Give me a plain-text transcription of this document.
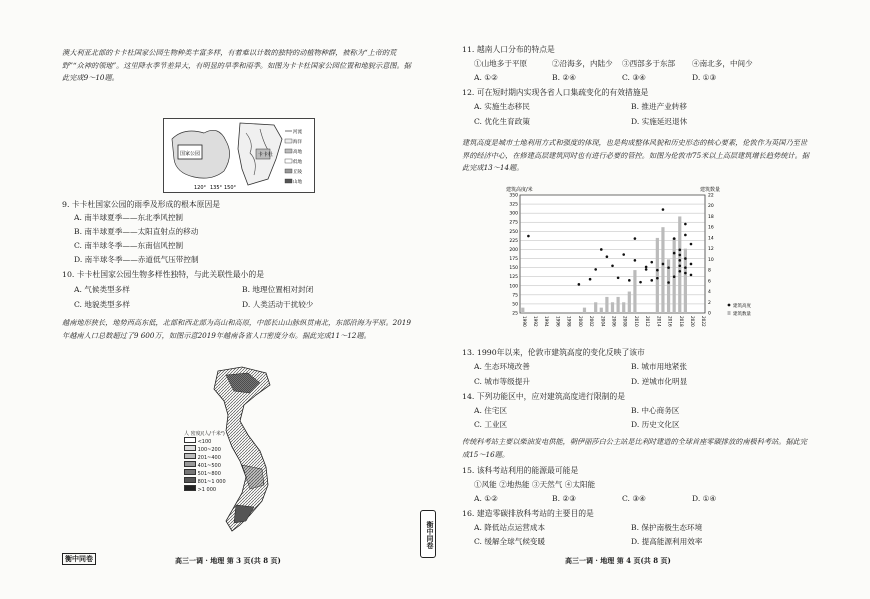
澳大利亚北部的卡卡杜国家公园生物种类丰富多样，有着难以计数的独特的动植物种群，被称为“上帝的荒野”“众神的领地”。这里降水季节差异大，有明显的旱季和雨季。如图为卡卡杜国家公园位置和地貌示意图。据此完成9～10题。
国家公园
120° 135° 150°
卡卡杜
河流
海洋
高地
低地
丘陵
山地
9. 卡卡杜国家公园的雨季及形成的根本原因是
A. 南半球夏季——东北季风控制
B. 南半球夏季——太阳直射点的移动
C. 南半球冬季——东南信风控制
D. 南半球冬季——赤道低气压带控制
10. 卡卡杜国家公园生物多样性独特，与此关联性最小的是
A. 气候类型多样	B. 地理位置相对封闭
C. 地貌类型多样	D. 人类活动干扰较少
越南地形狭长，地势西高东低，北部和西北部为高山和高原，中部长山山脉纵贯南北，东部沿海为平原。2019年越南人口总数超过了9 600万，如图示意2019年越南各省人口密度分布。据此完成11～12题。
人 密度/(人/千米²)
<100
100~200
201~400
401~500
501~800
801~1 000
>1 000
衡中同卷	高三一调 · 地理 第 3 页(共 8 页)
衡中同卷
11. 越南人口分布的特点是
①山地多于平原	②沿海多，内陆少 ③西部多于东部 ④南北多，中间少
A. ①②	B. ②④	C. ③④	D. ①③
12. 可在短时期内实现各省人口集疏变化的有效措施是
A. 实施生态移民	B. 推进产业转移
C. 优化生育政策	D. 实施延迟退休
建筑高度是城市土地利用方式和强度的体现，也是构成整体风貌和历史形态的核心要素，伦敦作为英国乃至世界的经济中心，在修建高层建筑同时也有进行必要的管控。如图为伦敦市75米以上高层建筑增长趋势统计。据此完成13～14题。
建筑高度/米	建筑数量
25
50
75
100
125
150
175
200
225
250
275
300
325
350
0
2
4
6
8
10
12
14
16
18
20
22
1990 1992 1994 1996 1998 2000 2002 2004 2006 2008 2010 2012 2014 2016 2018 2020 2022
建筑高度
建筑数量
13. 1990年以来，伦敦市建筑高度的变化反映了该市
A. 生态环境改善	B. 城市用地紧张
C. 城市等级提升	D. 逆城市化明显
14. 下列功能区中，应对建筑高度进行限制的是
A. 住宅区	B. 中心商务区
C. 工业区	D. 历史文化区
传统科考站主要以柴油发电供能，朝伊丽莎白公主站是比利时建造的全球首座零碳排放的南极科考站。据此完成15～16题。
15. 该科考站利用的能源最可能是
①风能 ②地热能 ③天然气 ④太阳能
A. ①②	B. ②③	C. ③④	D. ①④
16. 建造零碳排放科考站的主要目的是
A. 降低站点运营成本	B. 保护南极生态环境
C. 缓解全球气候变暖	D. 提高能源利用效率
高三一调 · 地理 第 4 页(共 8 页)
